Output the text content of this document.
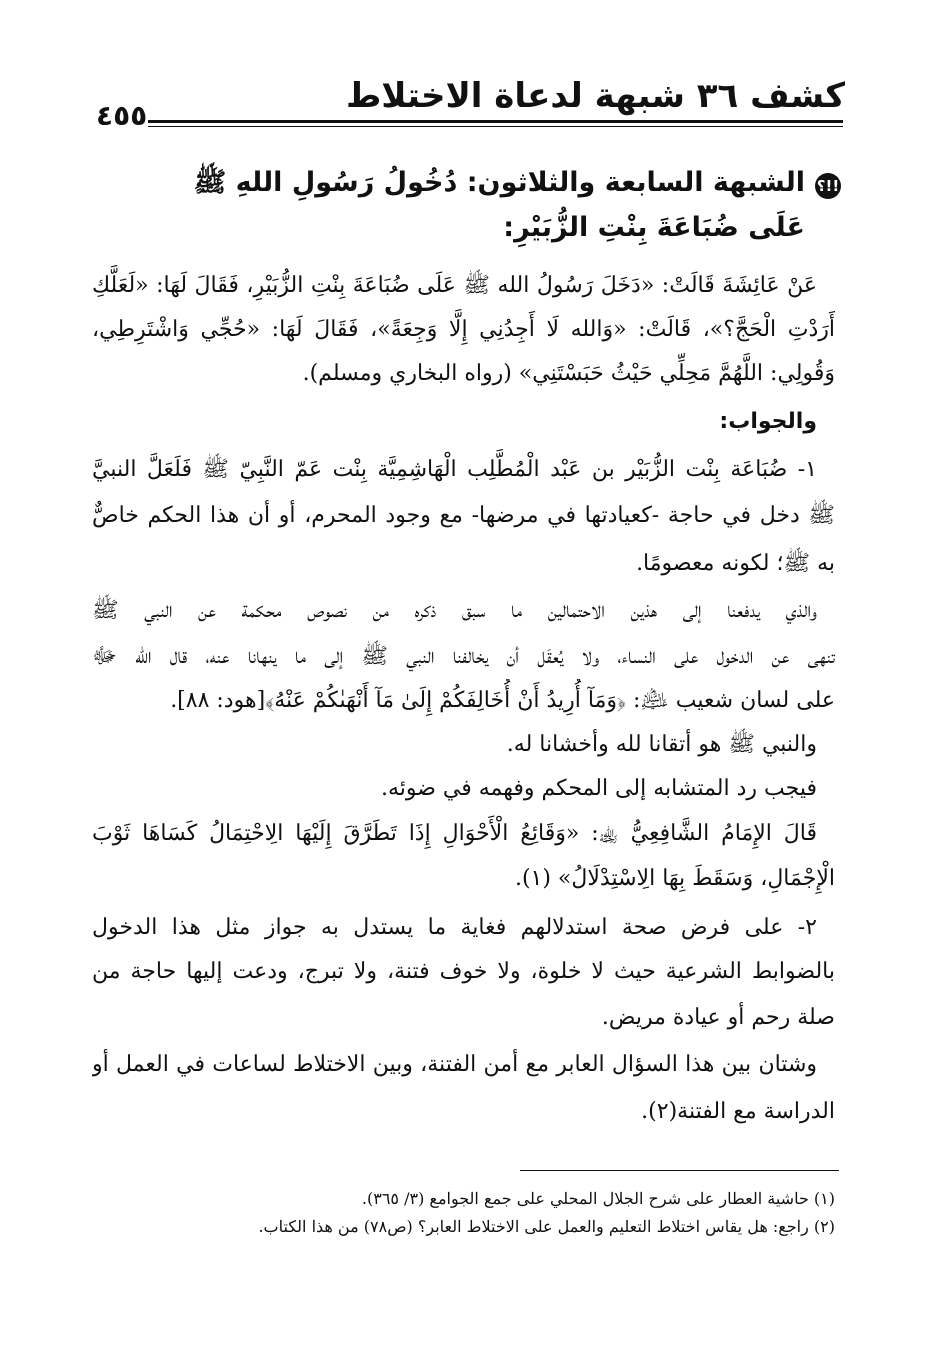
كشف ٣٦ شبهة لدعاة الاختلاط
٤٥٥
؟!!
الشبهة السابعة والثلاثون: دُخُولُ رَسُولِ اللهِ ﷺ
عَلَى ضُبَاعَةَ بِنْتِ الزُّبَيْرِ:
عَنْ عَائِشَةَ قَالَتْ: «دَخَلَ رَسُولُ الله ﷺ عَلَى ضُبَاعَةَ بِنْتِ الزُّبَيْرِ، فَقَالَ لَهَا: «لَعَلَّكِ
أَرَدْتِ الْحَجَّ؟»، قَالَتْ: «وَالله لَا أَجِدُنِي إِلَّا وَجِعَةً»، فَقَالَ لَهَا: «حُجِّي وَاشْتَرِطِي،
وَقُولِي: اللَّهُمَّ مَحِلِّي حَيْثُ حَبَسْتَنِي» (رواه البخاري ومسلم).
والجواب:
١- ضُبَاعَة بِنْت الزُّبَيْر بن عَبْد الْمُطَّلِب الْهَاشِمِيَّة بِنْت عَمّ النَّبِيّ ﷺ فَلَعَلَّ النبيَّ
ﷺ دخل في حاجة -كعيادتها في مرضها- مع وجود المحرم، أو أن هذا الحكم خاصٌّ
به ﷺ؛ لكونه معصومًا.
والذي يدفعنا إلى هذين الاحتمالين ما سبق ذكره من نصوص محكمة عن النبي ﷺ
تنهى عن الدخول على النساء، ولا يُعقَل أن يخالفنا النبي ﷺ إلى ما ينهانا عنه، قال الله ﷻ
على لسان شعيب ﵇: ﴿وَمَآ أُرِيدُ أَنْ أُخَالِفَكُمْ إِلَىٰ مَآ أَنْهَىٰكُمْ عَنْهُ﴾[هود: ٨٨].
والنبي ﷺ هو أتقانا لله وأخشانا له.
فيجب رد المتشابه إلى المحكم وفهمه في ضوئه.
قَالَ الإِمَامُ الشَّافِعِيُّ ﵀: «وَقَائِعُ الْأَحْوَالِ إِذَا تَطَرَّقَ إِلَيْهَا الِاحْتِمَالُ كَسَاهَا ثَوْبَ
الْإِجْمَالِ، وَسَقَطَ بِهَا الِاسْتِدْلَالُ» (١).
٢- على فرض صحة استدلالهم فغاية ما يستدل به جواز مثل هذا الدخول
بالضوابط الشرعية حيث لا خلوة، ولا خوف فتنة، ولا تبرج، ودعت إليها حاجة من
صلة رحم أو عيادة مريض.
وشتان بين هذا السؤال العابر مع أمن الفتنة، وبين الاختلاط لساعات في العمل أو
الدراسة مع الفتنة(٢).
(١) حاشية العطار على شرح الجلال المحلي على جمع الجوامع (٣/ ٣٦٥).
(٢) راجع: هل يقاس اختلاط التعليم والعمل على الاختلاط العابر؟ (ص٧٨) من هذا الكتاب.
